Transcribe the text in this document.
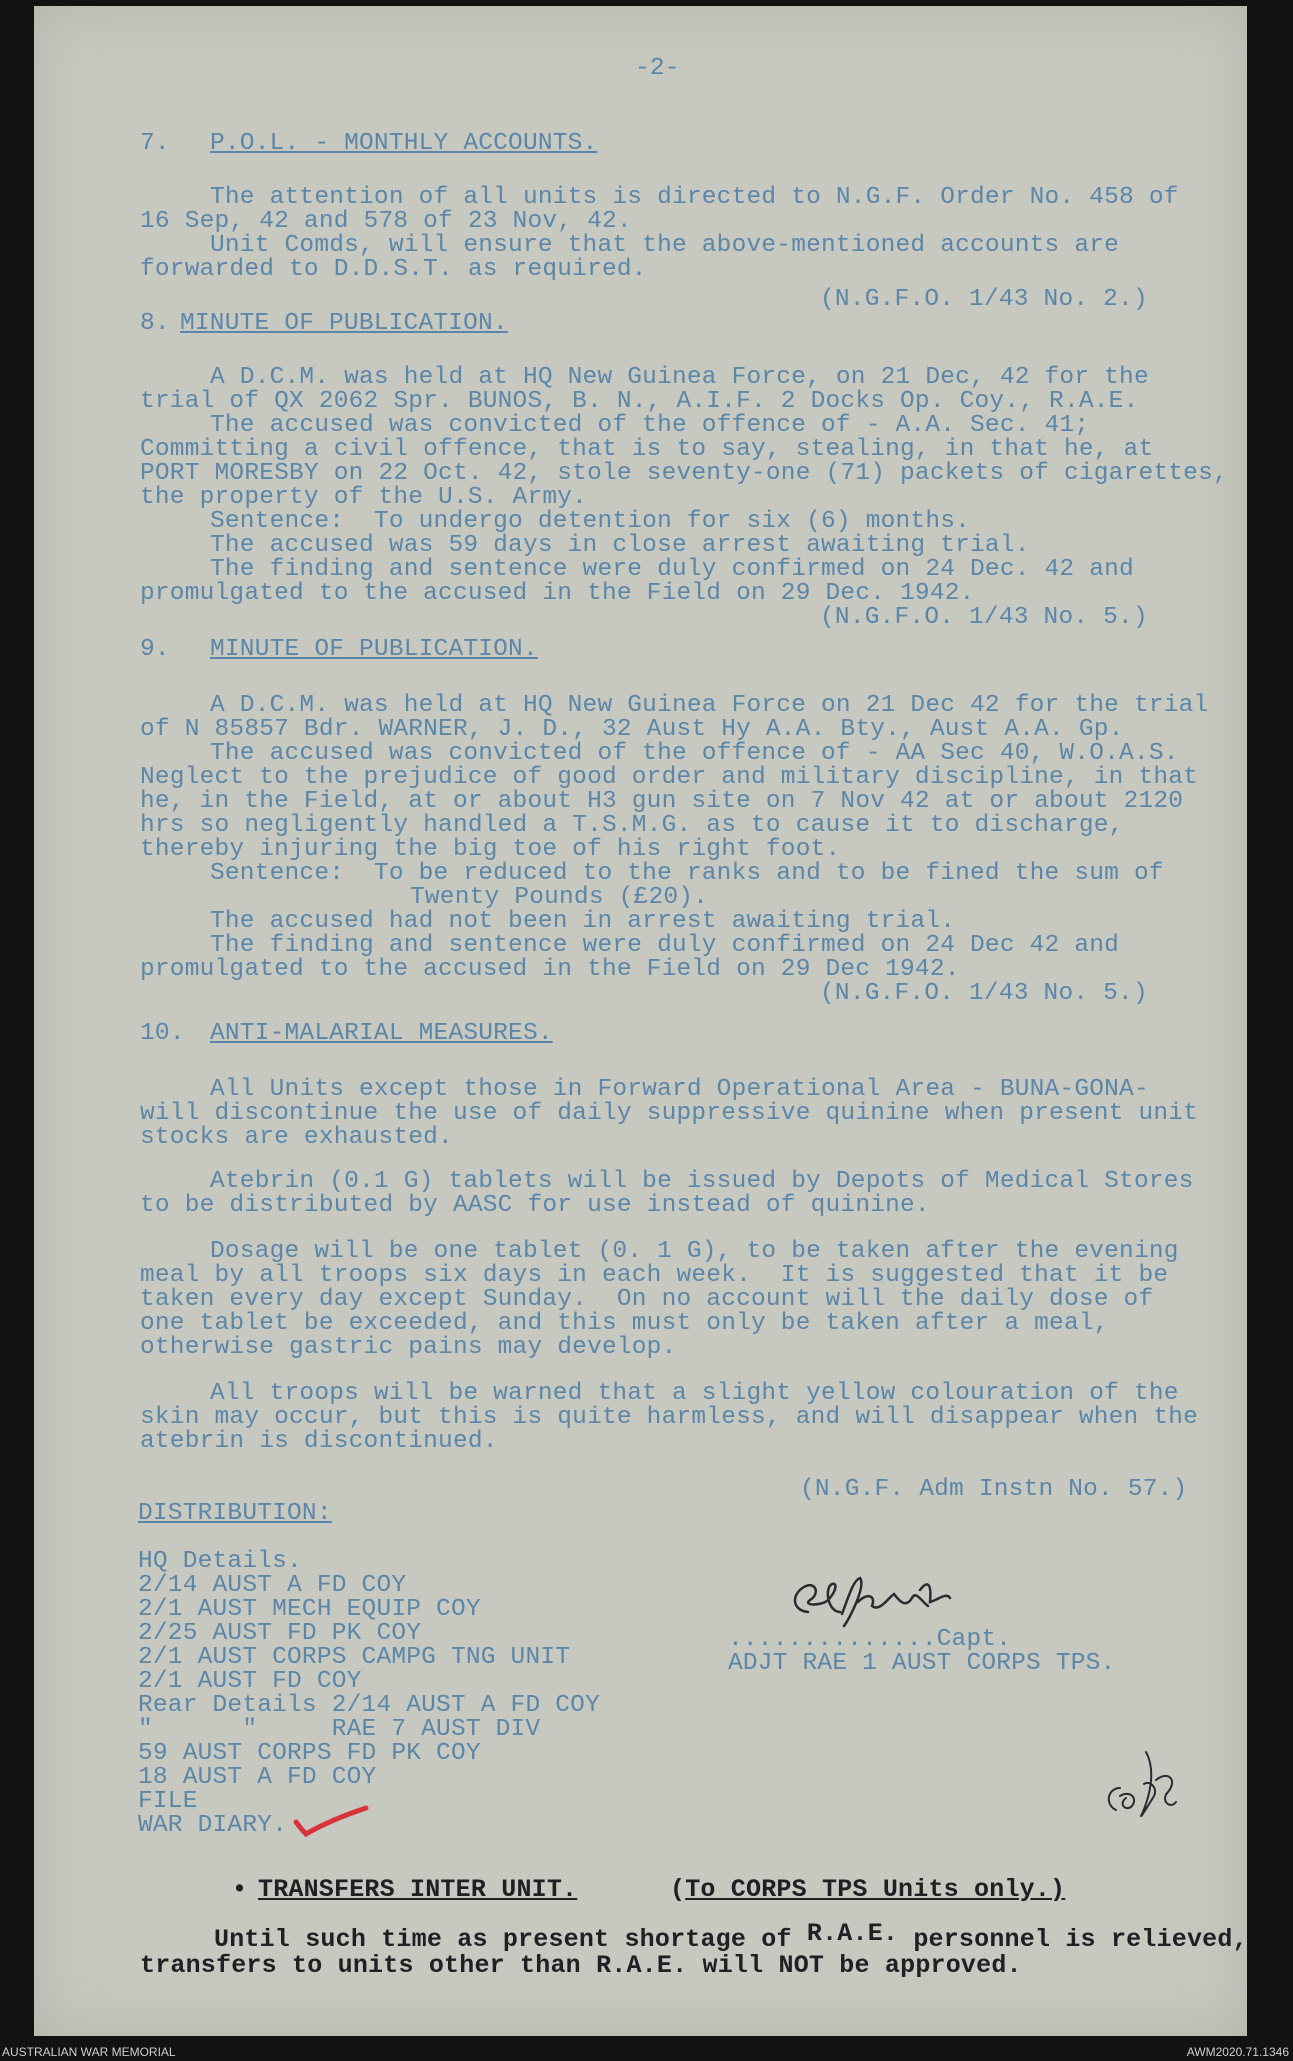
-2-
7. P.O.L. - MONTHLY ACCOUNTS.
The attention of all units is directed to N.G.F. Order No. 458 of
16 Sep, 42 and 578 of 23 Nov, 42.
Unit Comds, will ensure that the above-mentioned accounts are
forwarded to D.D.S.T. as required.
(N.G.F.O. 1/43 No. 2.)
8. MINUTE OF PUBLICATION.
A D.C.M. was held at HQ New Guinea Force, on 21 Dec, 42 for the
trial of QX 2062 Spr. BUNOS, B. N., A.I.F. 2 Docks Op. Coy., R.A.E.
The accused was convicted of the offence of - A.A. Sec. 41;
Committing a civil offence, that is to say, stealing, in that he, at
PORT MORESBY on 22 Oct. 42, stole seventy-one (71) packets of cigarettes,
the property of the U.S. Army.
Sentence:  To undergo detention for six (6) months.
The accused was 59 days in close arrest awaiting trial.
The finding and sentence were duly confirmed on 24 Dec. 42 and
promulgated to the accused in the Field on 29 Dec. 1942.
(N.G.F.O. 1/43 No. 5.)
9. MINUTE OF PUBLICATION.
A D.C.M. was held at HQ New Guinea Force on 21 Dec 42 for the trial
of N 85857 Bdr. WARNER, J. D., 32 Aust Hy A.A. Bty., Aust A.A. Gp.
The accused was convicted of the offence of - AA Sec 40, W.O.A.S.
Neglect to the prejudice of good order and military discipline, in that
he, in the Field, at or about H3 gun site on 7 Nov 42 at or about 2120
hrs so negligently handled a T.S.M.G. as to cause it to discharge,
thereby injuring the big toe of his right foot.
Sentence:  To be reduced to the ranks and to be fined the sum of
Twenty Pounds (£20).
The accused had not been in arrest awaiting trial.
The finding and sentence were duly confirmed on 24 Dec 42 and
promulgated to the accused in the Field on 29 Dec 1942.
(N.G.F.O. 1/43 No. 5.)
10. ANTI-MALARIAL MEASURES.
All Units except those in Forward Operational Area - BUNA-GONA-
will discontinue the use of daily suppressive quinine when present unit
stocks are exhausted.
Atebrin (0.1 G) tablets will be issued by Depots of Medical Stores
to be distributed by AASC for use instead of quinine.
Dosage will be one tablet (0. 1 G), to be taken after the evening
meal by all troops six days in each week.  It is suggested that it be
taken every day except Sunday.  On no account will the daily dose of
one tablet be exceeded, and this must only be taken after a meal,
otherwise gastric pains may develop.
All troops will be warned that a slight yellow colouration of the
skin may occur, but this is quite harmless, and will disappear when the
atebrin is discontinued.
(N.G.F. Adm Instn No. 57.)
DISTRIBUTION:
HQ Details.
2/14 AUST A FD COY
2/1 AUST MECH EQUIP COY
2/25 AUST FD PK COY
2/1 AUST CORPS CAMPG TNG UNIT
2/1 AUST FD COY
Rear Details 2/14 AUST A FD COY
"      "     RAE 7 AUST DIV
59 AUST CORPS FD PK COY
18 AUST A FD COY
FILE
WAR DIARY.
..............Capt.
ADJT RAE 1 AUST CORPS TPS.
• TRANSFERS INTER UNIT.	(To CORPS TPS Units only.)
Until such time as present shortage of R.A.E. personnel is relieved,
transfers to units other than R.A.E. will NOT be approved.
AUSTRALIAN WAR MEMORIAL	AWM2020.71.1346
